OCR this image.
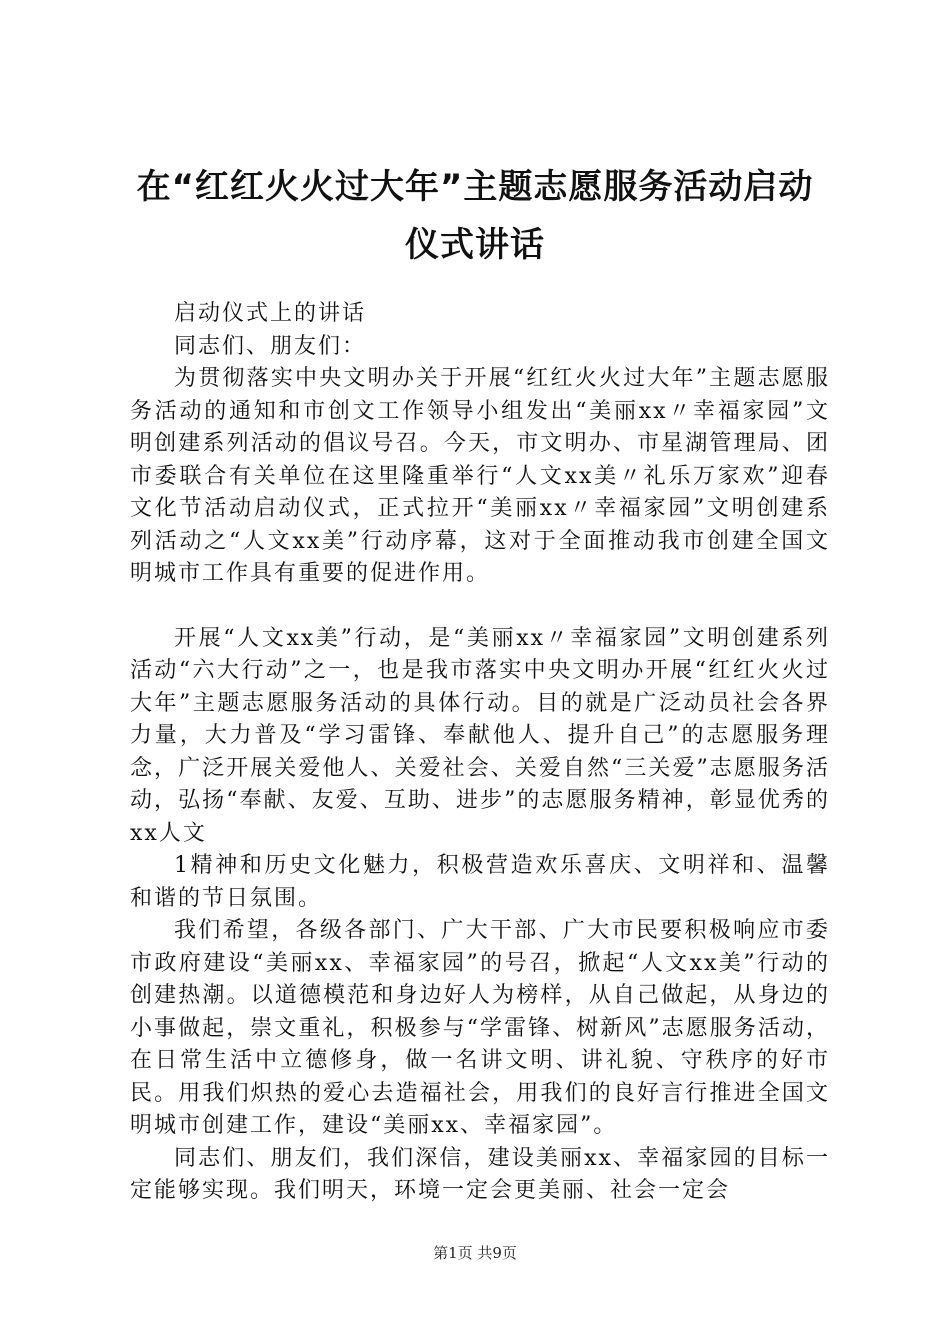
在“红红火火过大年”主题志愿服务活动启动仪式讲话

启动仪式上的讲话

同志们、朋友们：

为贯彻落实中央文明办关于开展“红红火火过大年”主题志愿服务活动的通知和市创文工作领导小组发出“美丽xx〃幸福家园”文明创建系列活动的倡议号召。今天，市文明办、市星湖管理局、团市委联合有关单位在这里隆重举行“人文xx美〃礼乐万家欢”迎春文化节活动启动仪式，正式拉开“美丽xx〃幸福家园”文明创建系列活动之“人文xx美”行动序幕，这对于全面推动我市创建全国文明城市工作具有重要的促进作用。

开展“人文xx美”行动，是“美丽xx〃幸福家园”文明创建系列活动“六大行动”之一，也是我市落实中央文明办开展“红红火火过大年”主题志愿服务活动的具体行动。目的就是广泛动员社会各界力量，大力普及“学习雷锋、奉献他人、提升自己”的志愿服务理念，广泛开展关爱他人、关爱社会、关爱自然“三关爱”志愿服务活动，弘扬“奉献、友爱、互助、进步”的志愿服务精神，彰显优秀的xx人文

1精神和历史文化魅力，积极营造欢乐喜庆、文明祥和、温馨和谐的节日氛围。

我们希望，各级各部门、广大干部、广大市民要积极响应市委市政府建设“美丽xx、幸福家园”的号召，掀起“人文xx美”行动的创建热潮。以道德模范和身边好人为榜样，从自己做起，从身边的小事做起，崇文重礼，积极参与“学雷锋、树新风”志愿服务活动，在日常生活中立德修身，做一名讲文明、讲礼貌、守秩序的好市民。用我们炽热的爱心去造福社会，用我们的良好言行推进全国文明城市创建工作，建设“美丽xx、幸福家园”。

同志们、朋友们，我们深信，建设美丽xx、幸福家园的目标一定能够实现。我们明天，环境一定会更美丽、社会一定会

第1页 共9页
